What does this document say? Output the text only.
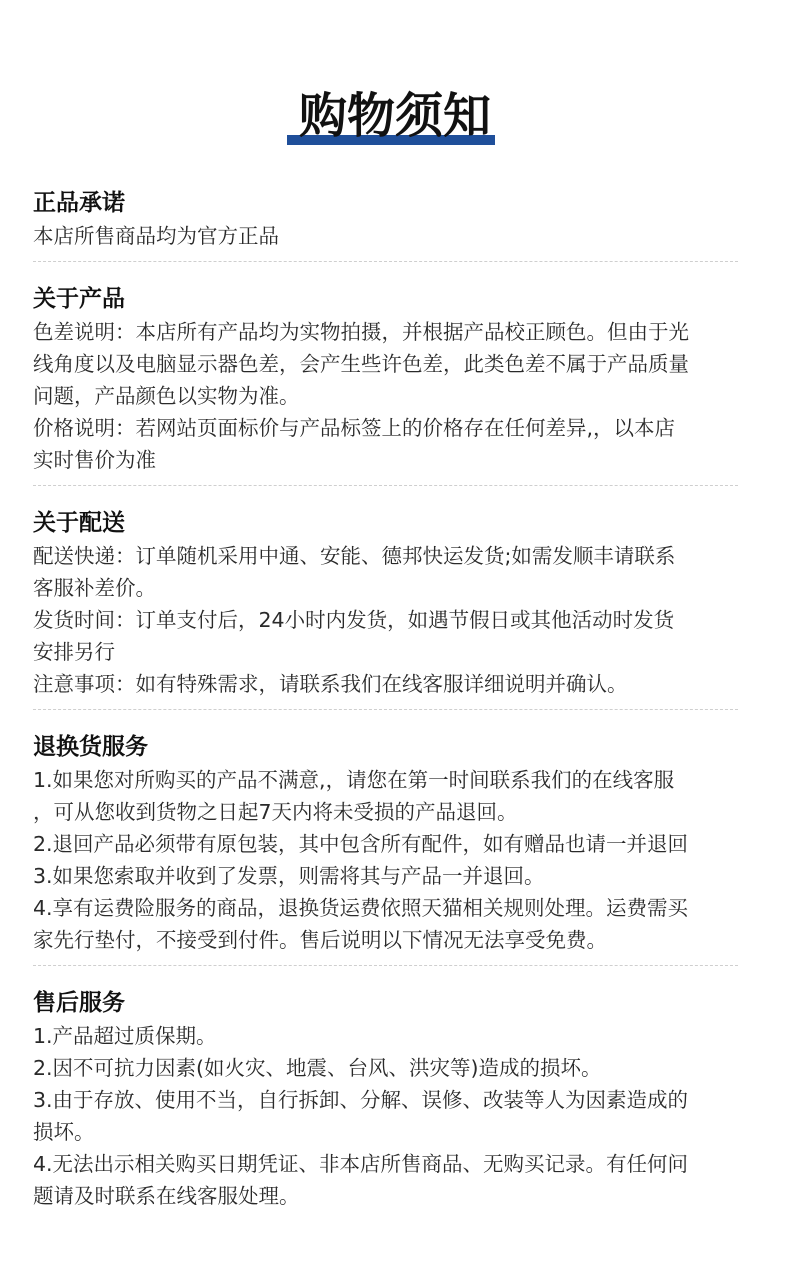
购物须知
正品承诺

本店所售商品均为官方正品

关于产品

色差说明：本店所有产品均为实物拍摄，并根据产品校正顾色。但由于光

线角度以及电脑显示器色差，会产生些许色差，此类色差不属于产品质量

问题，产品颜色以实物为准。

价格说明：若网站页面标价与产品标签上的价格存在任何差异,，以本店

实时售价为准

关于配送

配送快递：订单随机采用中通、安能、德邦快运发货;如需发顺丰请联系

客服补差价。

发货时间：订单支付后，24小时内发货，如遇节假日或其他活动时发货

安排另行

注意事项：如有特殊需求，请联系我们在线客服详细说明并确认。

退换货服务

1.如果您对所购买的产品不满意,，请您在第一时间联系我们的在线客服

，可从您收到货物之日起7天内将未受损的产品退回。

2.退回产品必须带有原包装，其中包含所有配件，如有赠品也请一并退回

3.如果您索取并收到了发票，则需将其与产品一并退回。

4.享有运费险服务的商品，退换货运费依照天猫相关规则处理。运费需买

家先行垫付，不接受到付件。售后说明以下情况无法享受免费。

售后服务

1.产品超过质保期。

2.因不可抗力因素(如火灾、地震、台风、洪灾等)造成的损坏。

3.由于存放、使用不当，自行拆卸、分解、误修、改装等人为因素造成的

损坏。

4.无法出示相关购买日期凭证、非本店所售商品、无购买记录。有任何问

题请及时联系在线客服处理。
